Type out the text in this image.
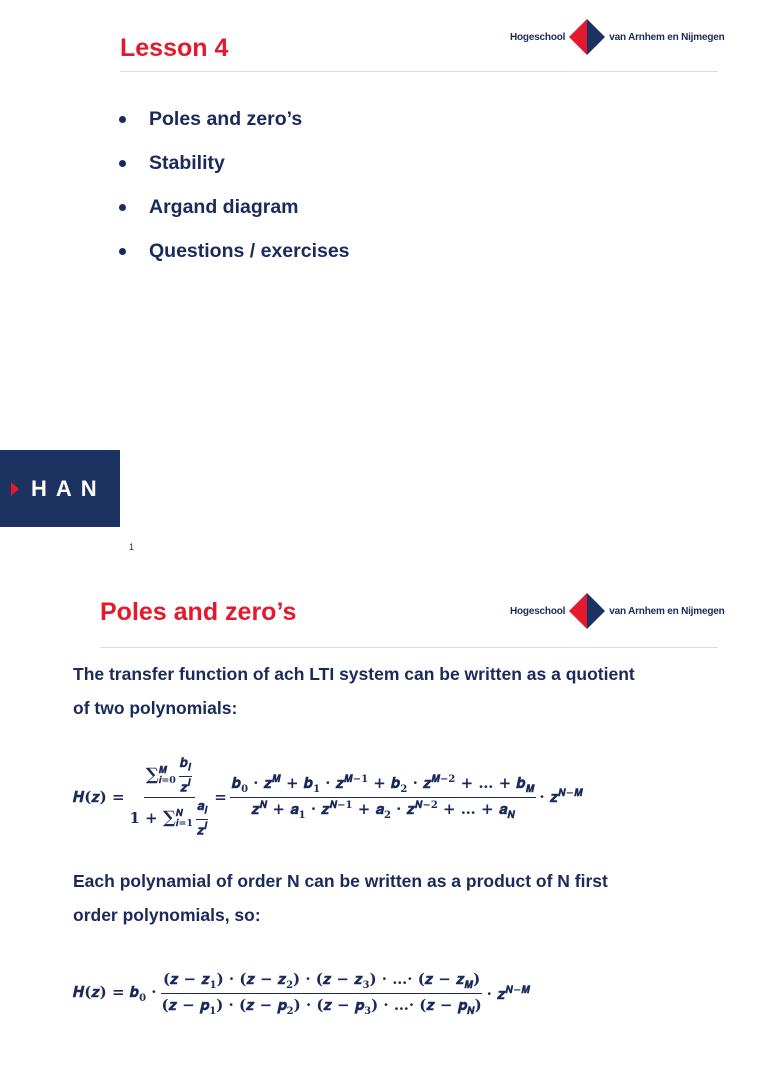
Lesson 4	Hogeschool	van Arnhem en Nijmegen
Poles and zero’s
Stability
Argand diagram
Questions / exercises
HAN
1
Poles and zero’s	Hogeschool	van Arnhem en Nijmegen

The transfer function of ach LTI system can be written as a quotient
of two polynomials:

𝑯(𝒛) = ∑ 𝑴
𝒊=𝟎 $\frac{𝒃_𝒊}{𝒛^𝒊}$
𝟏 + ∑ 𝑵
𝒊=𝟏 $\frac{𝒂_𝒊}{𝒛^𝒊} = \frac{𝒃_𝟎 \cdot 𝒛^𝑴 + 𝒃_𝟏 \cdot 𝒛^{𝑴-𝟏} + 𝒃_𝟐 \cdot 𝒛^{𝑴-𝟐} + \dots + 𝒃_𝑴}{𝒛^𝑵 + 𝒂_𝟏 \cdot 𝒛^{𝑵-𝟏} + 𝒂_𝟐 \cdot 𝒛^{𝑵-𝟐} + \dots + 𝒂_𝑵}$ · 𝒛$^{𝑵-𝑴}$

Each polynamial of order N can be written as a product of N first
order polynomials, so:

𝑯(𝒛) = 𝒃$_𝟎$ · $\frac{(𝒛 - 𝒛_𝟏) \cdot (𝒛 - 𝒛_𝟐) \cdot (𝒛 - 𝒛_𝟑) \cdot \dots\cdot (𝒛 - 𝒛_𝑴)}{(𝒛 - 𝒑_𝟏) \cdot (𝒛 - 𝒑_𝟐) \cdot (𝒛 - 𝒑_𝟑) \cdot \dots\cdot (𝒛 - 𝒑_𝑵)}$ · 𝒛$^{𝑵-𝑴}$
